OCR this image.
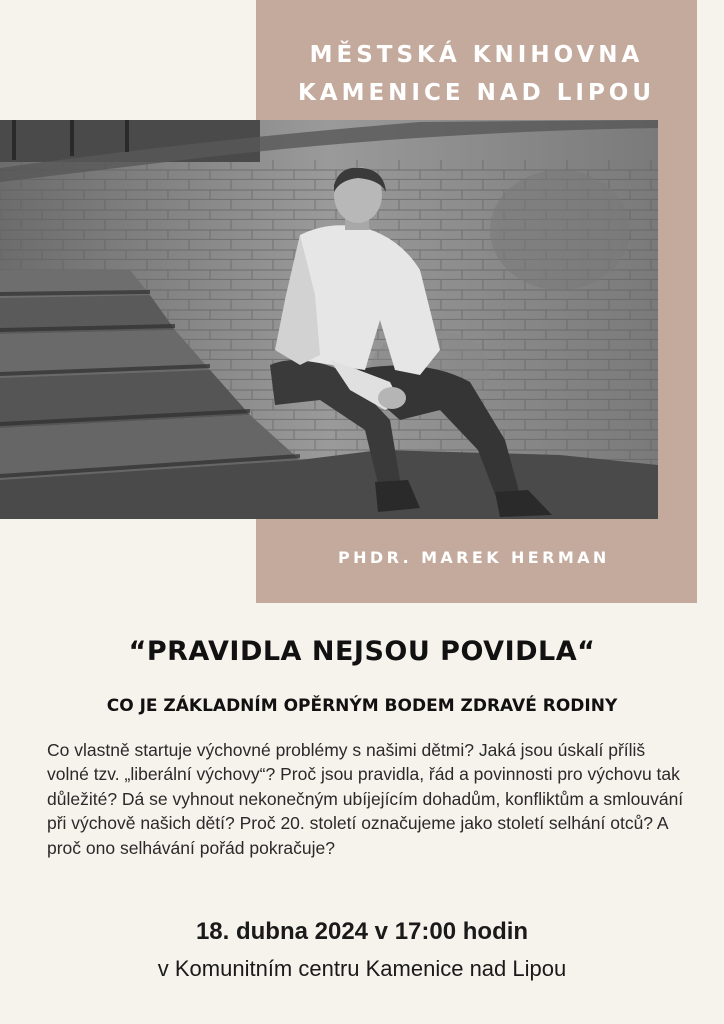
MĚSTSKÁ KNIHOVNA
KAMENICE NAD LIPOU
PHDR. MAREK HERMAN
“PRAVIDLA NEJSOU POVIDLA“
CO JE ZÁKLADNÍM OPĚRNÝM BODEM ZDRAVÉ RODINY
Co vlastně startuje výchovné problémy s našimi dětmi? Jaká jsou úskalí příliš volné tzv. „liberální výchovy“? Proč jsou pravidla, řád a povinnosti pro výchovu tak důležité? Dá se vyhnout nekonečným ubíjejícím dohadům, konfliktům a smlouvání při výchově našich dětí? Proč 20. století označujeme jako století selhání otců? A proč ono selhávání pořád pokračuje?
18. dubna 2024 v 17:00 hodin
v Komunitním centru Kamenice nad Lipou
